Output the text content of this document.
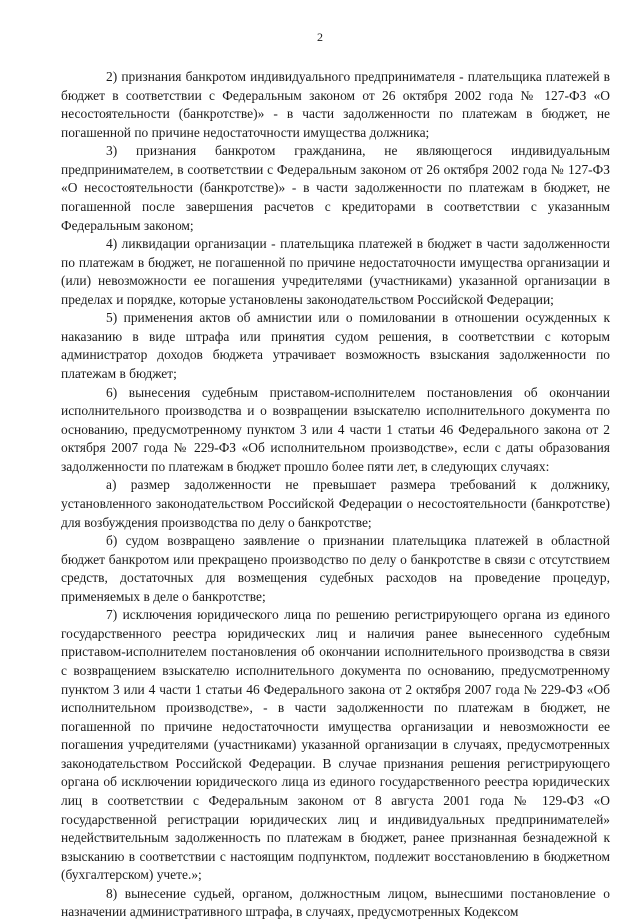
2

2) признания банкротом индивидуального предпринимателя - плательщика платежей в бюджет в соответствии с Федеральным законом от 26 октября 2002 года № 127-ФЗ «О несостоятельности (банкротстве)» - в части задолженности по платежам в бюджет, не погашенной по причине недостаточности имущества должника;

3) признания банкротом гражданина, не являющегося индивидуальным предпринимателем, в соответствии с Федеральным законом от 26 октября 2002 года № 127-ФЗ «О несостоятельности (банкротстве)» - в части задолженности по платежам в бюджет, не погашенной после завершения расчетов с кредиторами в соответствии с указанным Федеральным законом;

4) ликвидации организации - плательщика платежей в бюджет в части задолженности по платежам в бюджет, не погашенной по причине недостаточности имущества организации и (или) невозможности ее погашения учредителями (участниками) указанной организации в пределах и порядке, которые установлены законодательством Российской Федерации;

5) применения актов об амнистии или о помиловании в отношении осужденных к наказанию в виде штрафа или принятия судом решения, в соответствии с которым администратор доходов бюджета утрачивает возможность взыскания задолженности по платежам в бюджет;

6) вынесения судебным приставом-исполнителем постановления об окончании исполнительного производства и о возвращении взыскателю исполнительного документа по основанию, предусмотренному пунктом 3 или 4 части 1 статьи 46 Федерального закона от 2 октября 2007 года № 229-ФЗ «Об исполнительном производстве», если с даты образования задолженности по платежам в бюджет прошло более пяти лет, в следующих случаях:

а) размер задолженности не превышает размера требований к должнику, установленного законодательством Российской Федерации о несостоятельности (банкротстве) для возбуждения производства по делу о банкротстве;

б) судом возвращено заявление о признании плательщика платежей в областной бюджет банкротом или прекращено производство по делу о банкротстве в связи с отсутствием средств, достаточных для возмещения судебных расходов на проведение процедур, применяемых в деле о банкротстве;

7) исключения юридического лица по решению регистрирующего органа из единого государственного реестра юридических лиц и наличия ранее вынесенного судебным приставом-исполнителем постановления об окончании исполнительного производства в связи с возвращением взыскателю исполнительного документа по основанию, предусмотренному пунктом 3 или 4 части 1 статьи 46 Федерального закона от 2 октября 2007 года № 229-ФЗ «Об исполнительном производстве», - в части задолженности по платежам в бюджет, не погашенной по причине недостаточности имущества организации и невозможности ее погашения учредителями (участниками) указанной организации в случаях, предусмотренных законодательством Российской Федерации. В случае признания решения регистрирующего органа об исключении юридического лица из единого государственного реестра юридических лиц в соответствии с Федеральным законом от 8 августа 2001 года № 129-ФЗ «О государственной регистрации юридических лиц и индивидуальных предпринимателей» недействительным задолженность по платежам в бюджет, ранее признанная безнадежной к взысканию в соответствии с настоящим подпунктом, подлежит восстановлению в бюджетном (бухгалтерском) учете.»;

8) вынесение судьей, органом, должностным лицом, вынесшими постановление о назначении административного штрафа, в случаях, предусмотренных Кодексом
